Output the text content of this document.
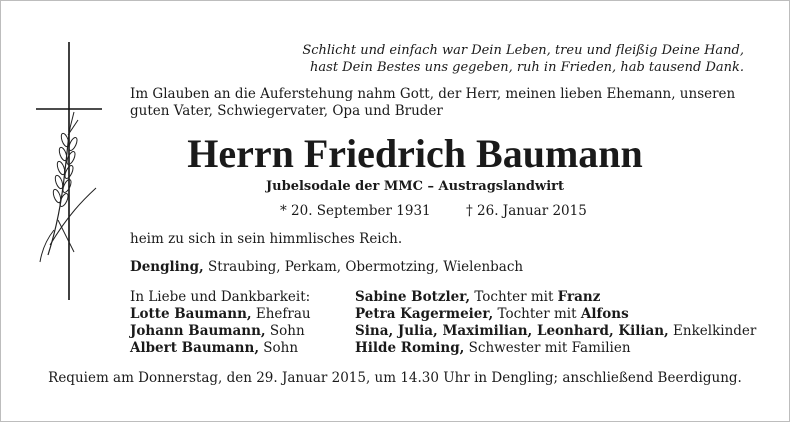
Schlicht und einfach war Dein Leben, treu und fleißig Deine Hand,
hast Dein Bestes uns gegeben, ruh in Frieden, hab tausend Dank.
Im Glauben an die Auferstehung nahm Gott, der Herr, meinen lieben Ehemann, unseren
guten Vater, Schwiegervater, Opa und Bruder
Herrn Friedrich Baumann
Jubelsodale der MMC – Austragslandwirt
* 20. September 1931	† 26. Januar 2015
heim zu sich in sein himmlisches Reich.
Dengling, Straubing, Perkam, Obermotzing, Wielenbach
In Liebe und Dankbarkeit:
Lotte Baumann, Ehefrau
Johann Baumann, Sohn
Albert Baumann, Sohn
Sabine Botzler, Tochter mit Franz
Petra Kagermeier, Tochter mit Alfons
Sina, Julia, Maximilian, Leonhard, Kilian, Enkelkinder
Hilde Roming, Schwester mit Familien
Requiem am Donnerstag, den 29. Januar 2015, um 14.30 Uhr in Dengling; anschließend Beerdigung.
